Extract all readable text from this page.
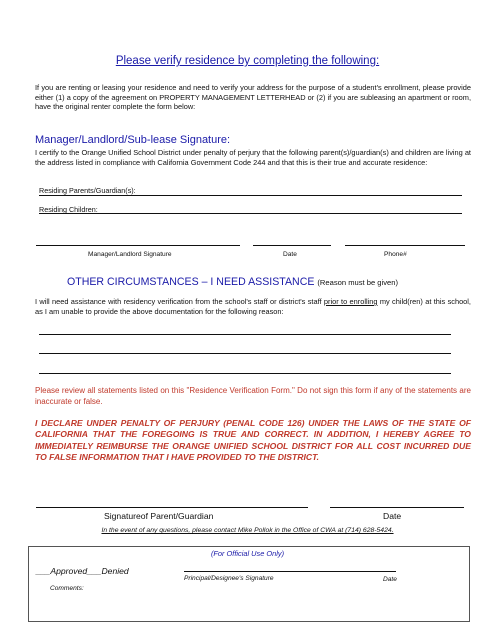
Please verify residence by completing the following:
If you are renting or leasing your residence and need to verify your address for the purpose of a student's enrollment, please provide either (1) a copy of the agreement on PROPERTY MANAGEMENT LETTERHEAD or (2) if you are subleasing an apartment or room, have the original renter complete the form below:
Manager/Landlord/Sub-lease Signature:
I certify to the Orange Unified School District under penalty of perjury that the following parent(s)/guardian(s) and children are living at the address listed in compliance with California Government Code 244 and that this is their true and accurate residence:
Residing Parents/Guardian(s):
Residing Children:
Manager/Landlord Signature	Date	Phone#
OTHER CIRCUMSTANCES – I NEED ASSISTANCE (Reason must be given)
I will need assistance with residency verification from the school's staff or district's staff prior to enrolling my child(ren) at this school, as I am unable to provide the above documentation for the following reason:
Please review all statements listed on this "Residence Verification Form." Do not sign this form if any of the statements are inaccurate or false.
I DECLARE UNDER PENALTY OF PERJURY (PENAL CODE 126) UNDER THE LAWS OF THE STATE OF CALIFORNIA THAT THE FOREGOING IS TRUE AND CORRECT. IN ADDITION, I HEREBY AGREE TO IMMEDIATELY REIMBURSE THE ORANGE UNIFIED SCHOOL DISTRICT FOR ALL COST INCURRED DUE TO FALSE INFORMATION THAT I HAVE PROVIDED TO THE DISTRICT.
Signatureof Parent/Guardian	Date
In the event of any questions, please contact Mike Pollok in the Office of CWA at (714) 628-5424.
(For Official Use Only)
___Approved___Denied
Principal/Designee's Signature	Date
Comments:
